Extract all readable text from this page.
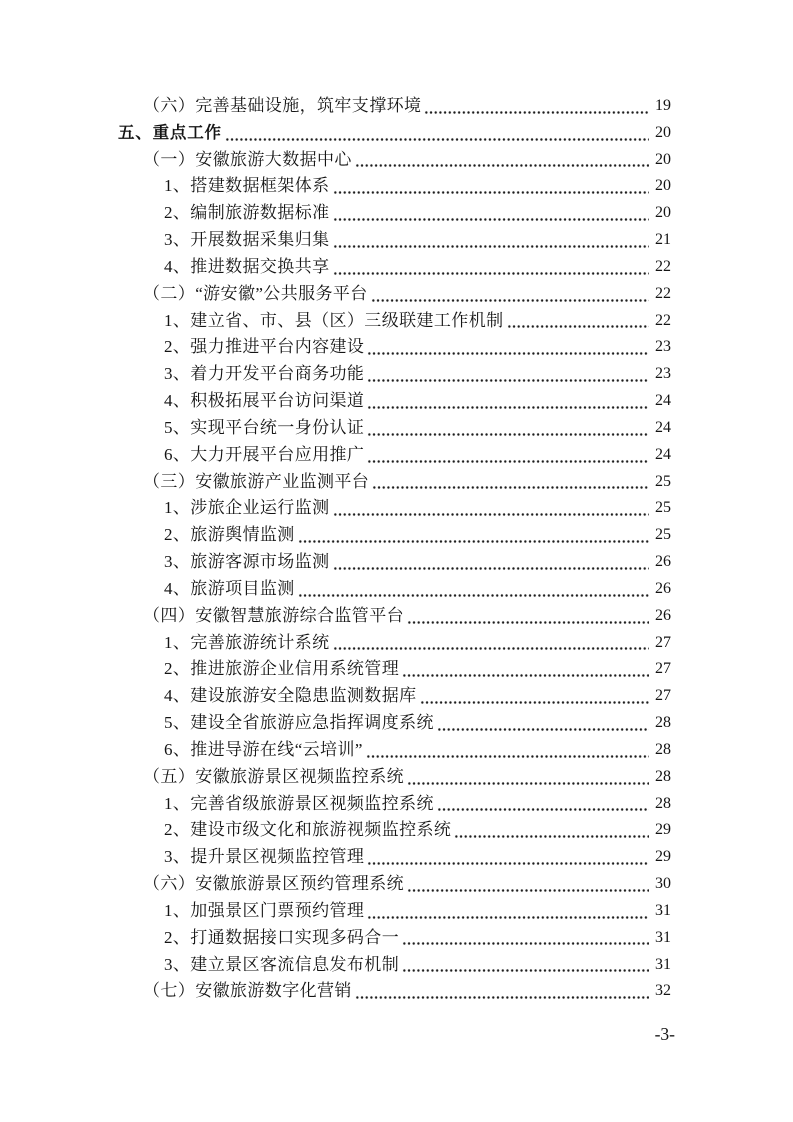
（六）完善基础设施，筑牢支撑环境	19
五、重点工作	20
（一）安徽旅游大数据中心	20
1、搭建数据框架体系	20
2、编制旅游数据标准	20
3、开展数据采集归集	21
4、推进数据交换共享	22
（二）“游安徽”公共服务平台	22
1、建立省、市、县（区）三级联建工作机制	22
2、强力推进平台内容建设	23
3、着力开发平台商务功能	23
4、积极拓展平台访问渠道	24
5、实现平台统一身份认证	24
6、大力开展平台应用推广	24
（三）安徽旅游产业监测平台	25
1、涉旅企业运行监测	25
2、旅游舆情监测	25
3、旅游客源市场监测	26
4、旅游项目监测	26
（四）安徽智慧旅游综合监管平台	26
1、完善旅游统计系统	27
2、推进旅游企业信用系统管理	27
4、建设旅游安全隐患监测数据库	27
5、建设全省旅游应急指挥调度系统	28
6、推进导游在线“云培训”	28
（五）安徽旅游景区视频监控系统	28
1、完善省级旅游景区视频监控系统	28
2、建设市级文化和旅游视频监控系统	29
3、提升景区视频监控管理	29
（六）安徽旅游景区预约管理系统	30
1、加强景区门票预约管理	31
2、打通数据接口实现多码合一	31
3、建立景区客流信息发布机制	31
（七）安徽旅游数字化营销	32
-3-
